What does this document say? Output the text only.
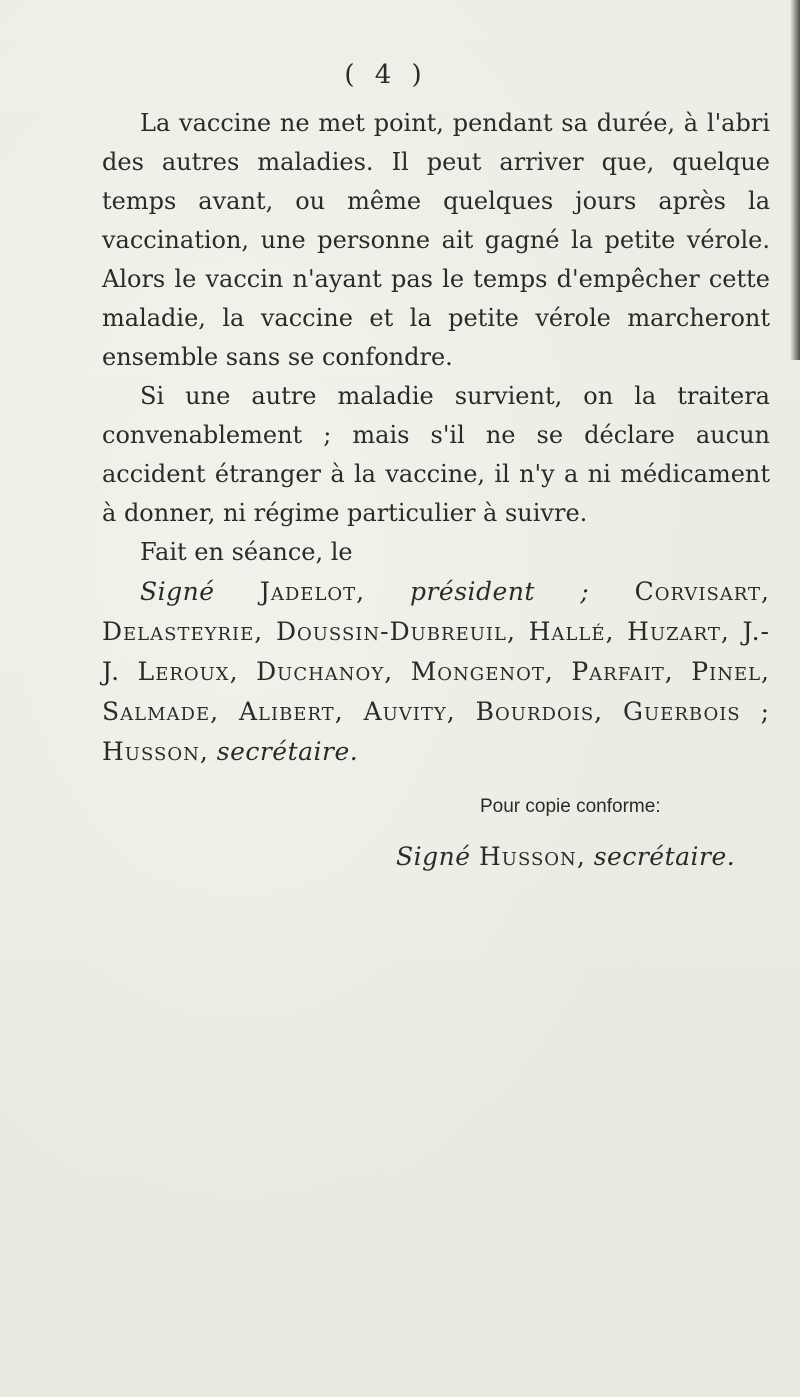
( 4 )

La vaccine ne met point, pendant sa durée, à l'abri des autres maladies. Il peut arriver que, quelque temps avant, ou même quelques jours après la vaccination, une personne ait gagné la petite vérole. Alors le vaccin n'ayant pas le temps d'empêcher cette maladie, la vaccine et la petite vérole marcheront ensemble sans se confondre.

Si une autre maladie survient, on la traitera convenablement ; mais s'il ne se déclare aucun accident étranger à la vaccine, il n'y a ni médicament à donner, ni régime particulier à suivre.

Fait en séance, le

Signé Jadelot, président ; Corvisart, Delasteyrie, Doussin-Dubreuil, Hallé, Huzart, J.-J. Leroux, Duchanoy, Mongenot, Parfait, Pinel, Salmade, Alibert, Auvity, Bourdois, Guerbois ; Husson, secrétaire.

Pour copie conforme:
Signé Husson, secrétaire.
